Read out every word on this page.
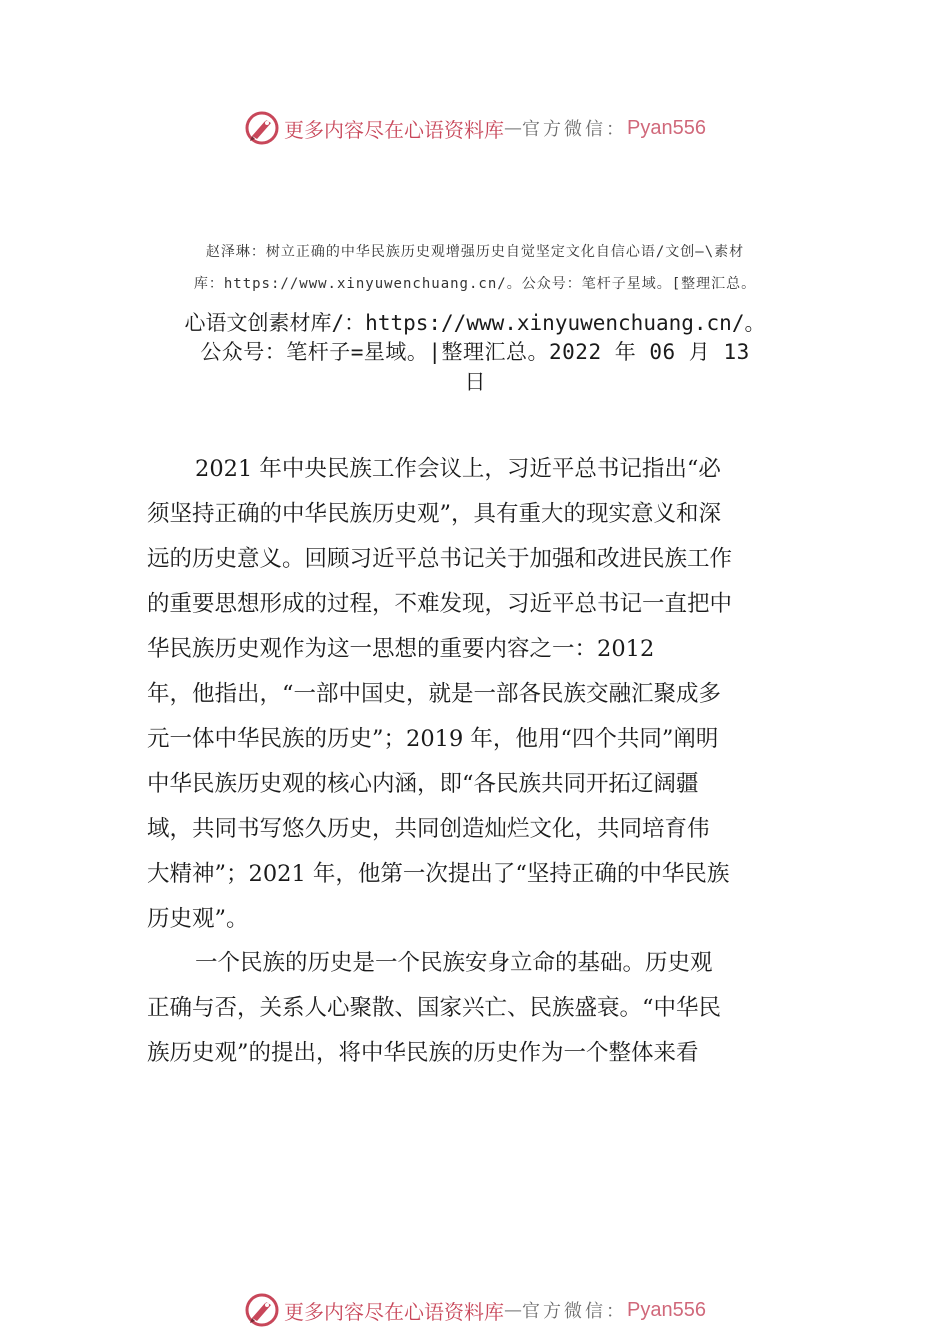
更多内容尽在心语资料库 — 官方微信： Pyan556
赵泽琳：树立正确的中华民族历史观增强历史自觉坚定文化自信心语/文创—\素材
库：https://www.xinyuwenchuang.cn/。公众号：笔杆子星域。[整理汇总。
心语文创素材库/：https://www.xinyuwenchuang.cn/。
公众号：笔杆子=星域。|整理汇总。2022 年 06 月 13
日
2021 年中央民族工作会议上，习近平总书记指出“必
须坚持正确的中华民族历史观”，具有重大的现实意义和深
远的历史意义。回顾习近平总书记关于加强和改进民族工作
的重要思想形成的过程，不难发现，习近平总书记一直把中
华民族历史观作为这一思想的重要内容之一：2012
年，他指出，“一部中国史，就是一部各民族交融汇聚成多
元一体中华民族的历史”；2019 年，他用“四个共同”阐明
中华民族历史观的核心内涵，即“各民族共同开拓辽阔疆
域，共同书写悠久历史，共同创造灿烂文化，共同培育伟
大精神”；2021 年，他第一次提出了“坚持正确的中华民族
历史观”。
一个民族的历史是一个民族安身立命的基础。历史观
正确与否，关系人心聚散、国家兴亡、民族盛衰。“中华民
族历史观”的提出，将中华民族的历史作为一个整体来看
更多内容尽在心语资料库 — 官方微信： Pyan556
